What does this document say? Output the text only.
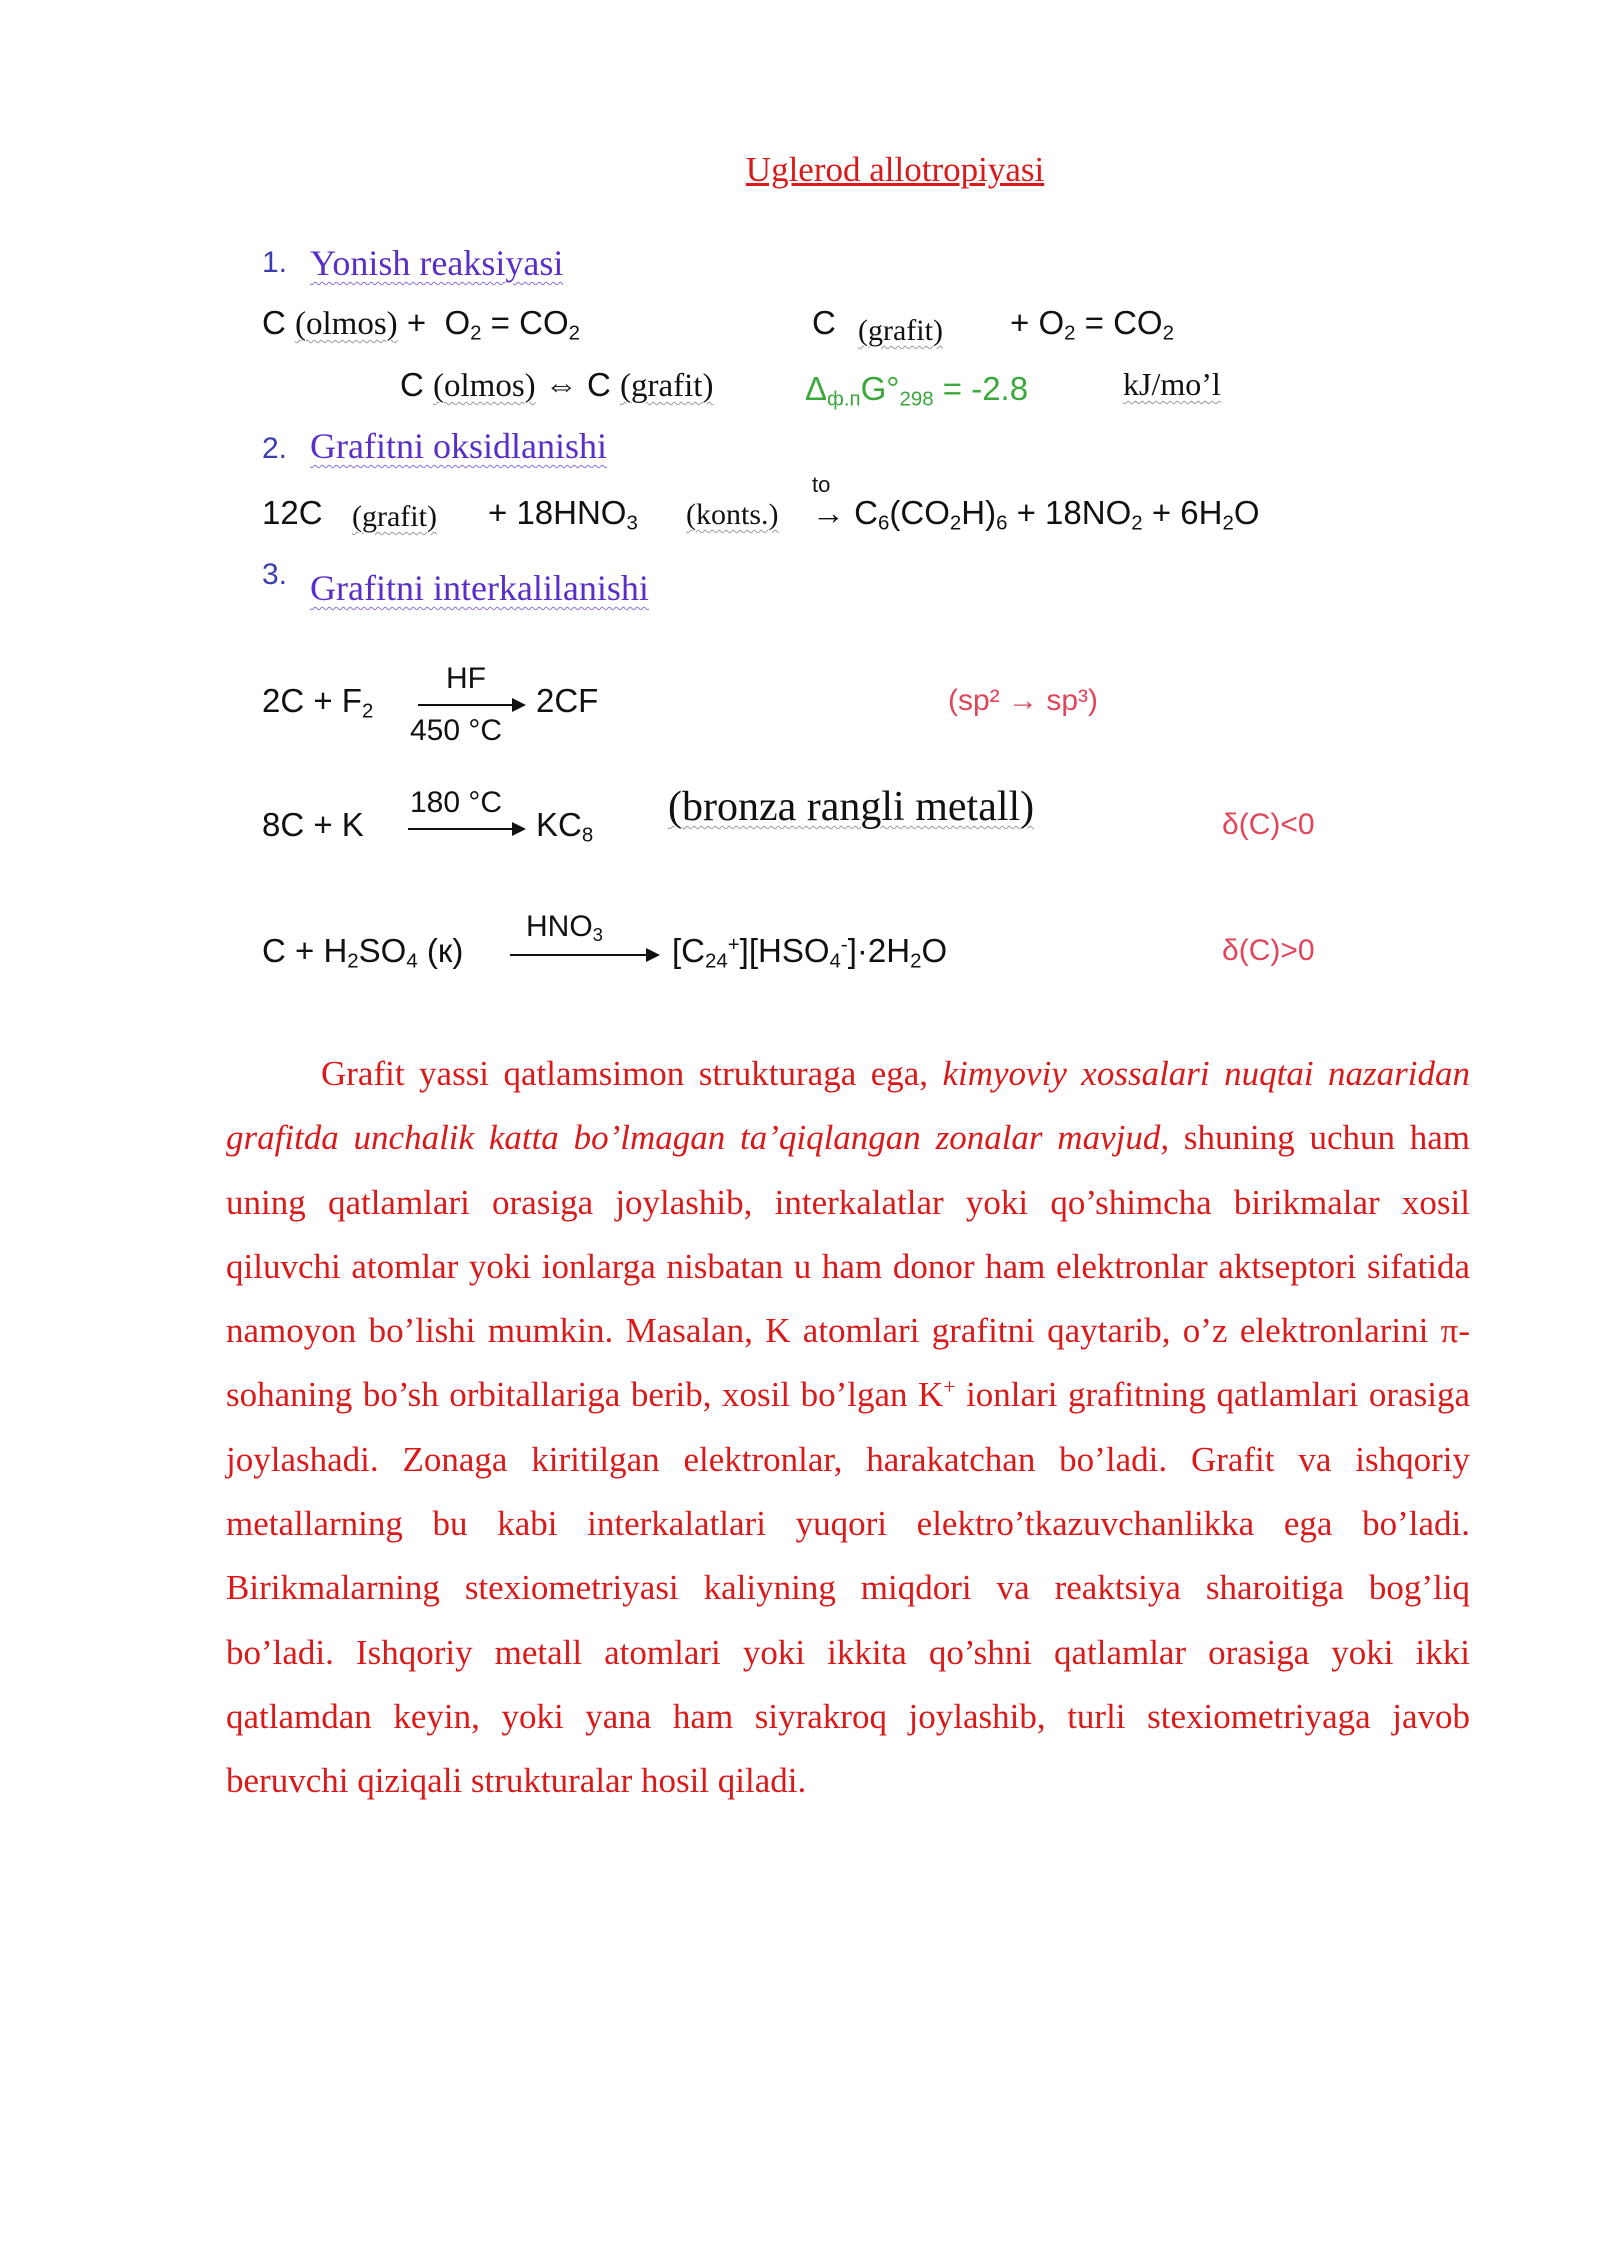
Uglerod allotropiyasi
1. Yonish reaksiyasi
C (olmos) +  $O_2 = CO_2$	C (grafit) + $O_2 = CO_2$
C (olmos) ⇔ C (grafit)	$\Delta_{ф.п}G^\circ_{298} = -2.8$	kJ/mo’l
2. Grafitni oksidlanishi
12C (grafit) + $18HNO_3$ (konts.)
to
→ $C_6(CO_2H)_6 + 18NO_2 + 6H_2O$
3. Grafitni interkalilanishi
$2C + F_2$
HF
450 °C
2CF	(sp² → sp³)
8C + K
180 °C
$KC_8$
(bronza rangli metall)	δ(C)<0
$C + H_2SO_4$ (к)
$HNO_3$ $[C_{24}^+][HSO_4^-]\cdot 2H_2O$	δ(C)>0

Grafit yassi qatlamsimon strukturaga ega, kimyoviy xossalari nuqtai nazaridan grafitda unchalik katta bo’lmagan ta’qiqlangan zonalar mavjud, shuning uchun ham uning qatlamlari orasiga joylashib, interkalatlar yoki qo’shimcha birikmalar xosil qiluvchi atomlar yoki ionlarga nisbatan u ham donor ham elektronlar aktseptori sifatida namoyon bo’lishi mumkin. Masalan, K atomlari grafitni qaytarib, o’z elektronlarini π-sohaning bo’sh orbitallariga berib, xosil bo’lgan K+ ionlari grafitning qatlamlari orasiga joylashadi. Zonaga kiritilgan elektronlar, harakatchan bo’ladi. Grafit va ishqoriy metallarning bu kabi interkalatlari yuqori elektro’tkazuvchanlikka ega bo’ladi. Birikmalarning stexiometriyasi kaliyning miqdori va reaktsiya sharoitiga bog’liq bo’ladi. Ishqoriy metall atomlari yoki ikkita qo’shni qatlamlar orasiga yoki ikki qatlamdan keyin, yoki yana ham siyrakroq joylashib, turli stexiometriyaga javob beruvchi qiziqali strukturalar hosil qiladi.
